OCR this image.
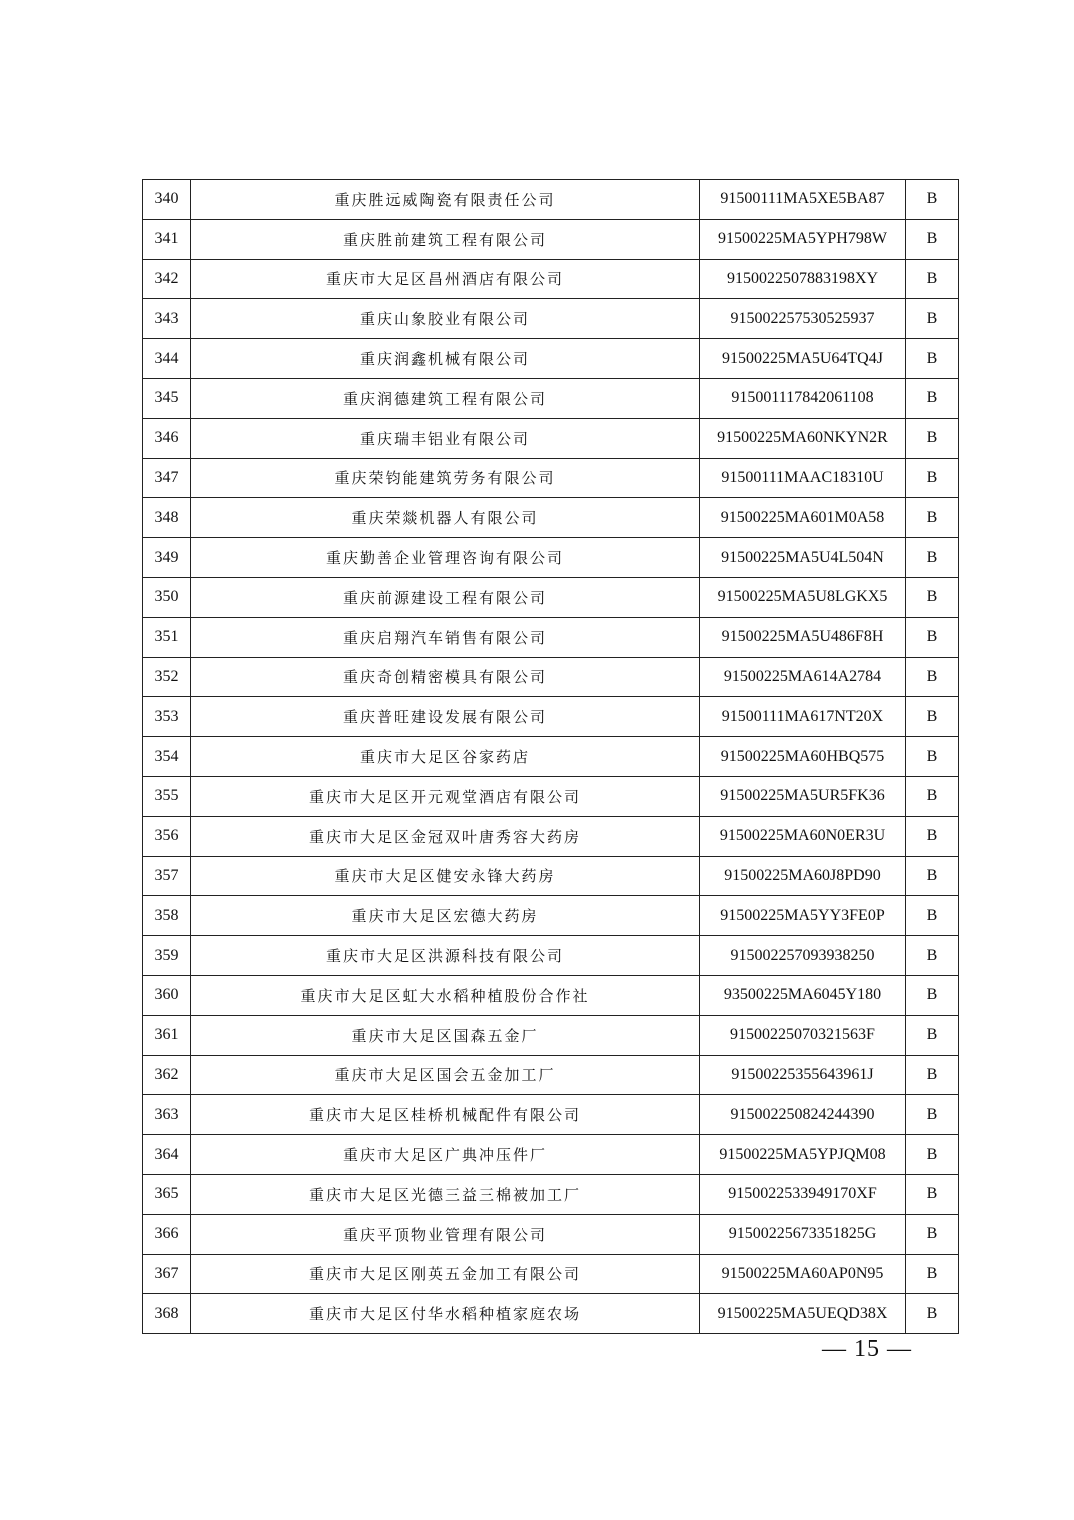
340	重庆胜远威陶瓷有限责任公司	91500111MA5XE5BA87	B
341	重庆胜前建筑工程有限公司	91500225MA5YPH798W	B
342	重庆市大足区昌州酒店有限公司	9150022507883198XY	B
343	重庆山象胶业有限公司	915002257530525937	B
344	重庆润鑫机械有限公司	91500225MA5U64TQ4J	B
345	重庆润德建筑工程有限公司	915001117842061108	B
346	重庆瑞丰铝业有限公司	91500225MA60NKYN2R	B
347	重庆荣钧能建筑劳务有限公司	91500111MAAC18310U	B
348	重庆荣燚机器人有限公司	91500225MA601M0A58	B
349	重庆勤善企业管理咨询有限公司	91500225MA5U4L504N	B
350	重庆前源建设工程有限公司	91500225MA5U8LGKX5	B
351	重庆启翔汽车销售有限公司	91500225MA5U486F8H	B
352	重庆奇创精密模具有限公司	91500225MA614A2784	B
353	重庆普旺建设发展有限公司	91500111MA617NT20X	B
354	重庆市大足区谷家药店	91500225MA60HBQ575	B
355	重庆市大足区开元观堂酒店有限公司	91500225MA5UR5FK36	B
356	重庆市大足区金冠双叶唐秀容大药房	91500225MA60N0ER3U	B
357	重庆市大足区健安永锋大药房	91500225MA60J8PD90	B
358	重庆市大足区宏德大药房	91500225MA5YY3FE0P	B
359	重庆市大足区洪源科技有限公司	915002257093938250	B
360	重庆市大足区虹大水稻种植股份合作社	93500225MA6045Y180	B
361	重庆市大足区国森五金厂	91500225070321563F	B
362	重庆市大足区国会五金加工厂	91500225355643961J	B
363	重庆市大足区桂桥机械配件有限公司	915002250824244390	B
364	重庆市大足区广典冲压件厂	91500225MA5YPJQM08	B
365	重庆市大足区光德三益三棉被加工厂	9150022533949170XF	B
366	重庆平顶物业管理有限公司	91500225673351825G	B
367	重庆市大足区刚英五金加工有限公司	91500225MA60AP0N95	B
368	重庆市大足区付华水稻种植家庭农场	91500225MA5UEQD38X	B
— 15 —
